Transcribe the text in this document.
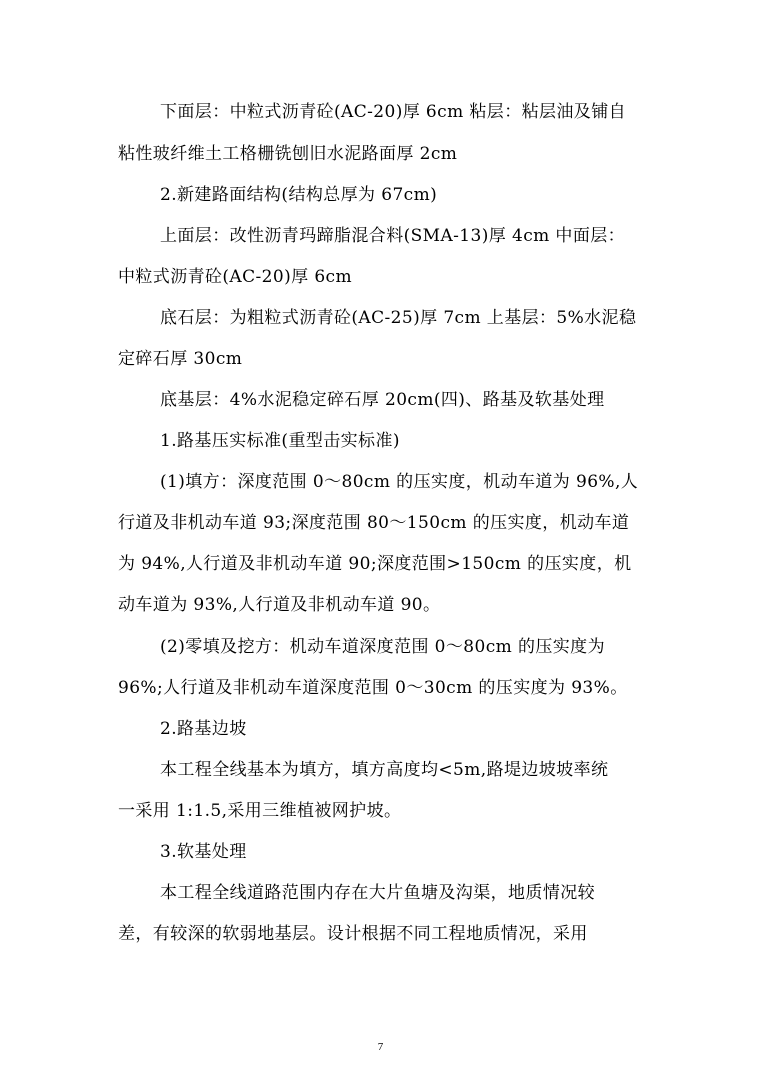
下面层：中粒式沥青砼(AC-20)厚 6cm 粘层：粘层油及铺自
粘性玻纤维土工格栅铣刨旧水泥路面厚 2cm
2.新建路面结构(结构总厚为 67cm)
上面层：改性沥青玛蹄脂混合料(SMA-13)厚 4cm 中面层：
中粒式沥青砼(AC-20)厚 6cm
底石层：为粗粒式沥青砼(AC-25)厚 7cm 上基层：5%水泥稳
定碎石厚 30cm
底基层：4%水泥稳定碎石厚 20cm(四)、路基及软基处理
1.路基压实标准(重型击实标准)
(1)填方：深度范围 0～80cm 的压实度，机动车道为 96%,人
行道及非机动车道 93;深度范围 80～150cm 的压实度，机动车道
为 94%,人行道及非机动车道 90;深度范围>150cm 的压实度，机
动车道为 93%,人行道及非机动车道 90。
(2)零填及挖方：机动车道深度范围 0～80cm 的压实度为
96%;人行道及非机动车道深度范围 0～30cm 的压实度为 93%。
2.路基边坡
本工程全线基本为填方，填方高度均<5m,路堤边坡坡率统
一采用 1:1.5,采用三维植被网护坡。
3.软基处理
本工程全线道路范围内存在大片鱼塘及沟渠，地质情况较
差，有较深的软弱地基层。设计根据不同工程地质情况，采用
7
